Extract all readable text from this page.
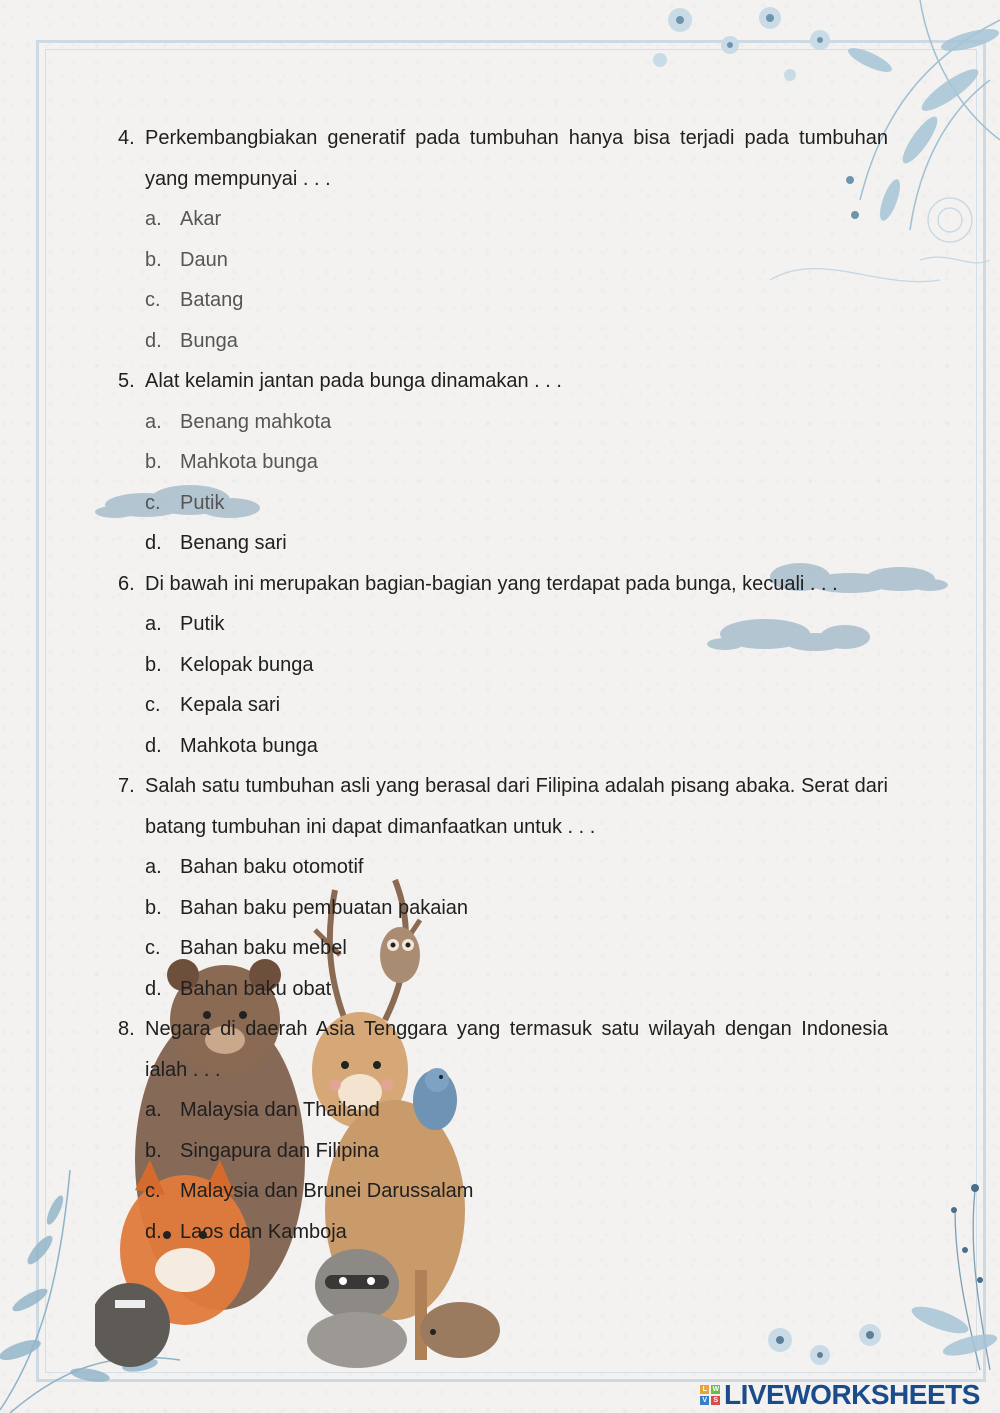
4. Perkembangbiakan generatif pada tumbuhan hanya bisa terjadi pada tumbuhan yang mempunyai . . .
a. Akar
b. Daun
c. Batang
d. Bunga
5. Alat kelamin jantan pada bunga dinamakan . . .
a. Benang mahkota
b. Mahkota bunga
c. Putik
d. Benang sari
6. Di bawah ini merupakan bagian-bagian yang terdapat pada bunga, kecuali . . .
a. Putik
b. Kelopak bunga
c. Kepala sari
d. Mahkota bunga
7. Salah satu tumbuhan asli yang berasal dari Filipina adalah pisang abaka. Serat dari batang tumbuhan ini dapat dimanfaatkan untuk . . .
a. Bahan baku otomotif
b. Bahan baku pembuatan pakaian
c. Bahan baku mebel
d. Bahan baku obat
8. Negara di daerah Asia Tenggara yang termasuk satu wilayah dengan Indonesia ialah . . .
a. Malaysia dan Thailand
b. Singapura dan Filipina
c. Malaysia dan Brunei Darussalam
d. Laos dan Kamboja
L W
V S LIVEWORKSHEETS
